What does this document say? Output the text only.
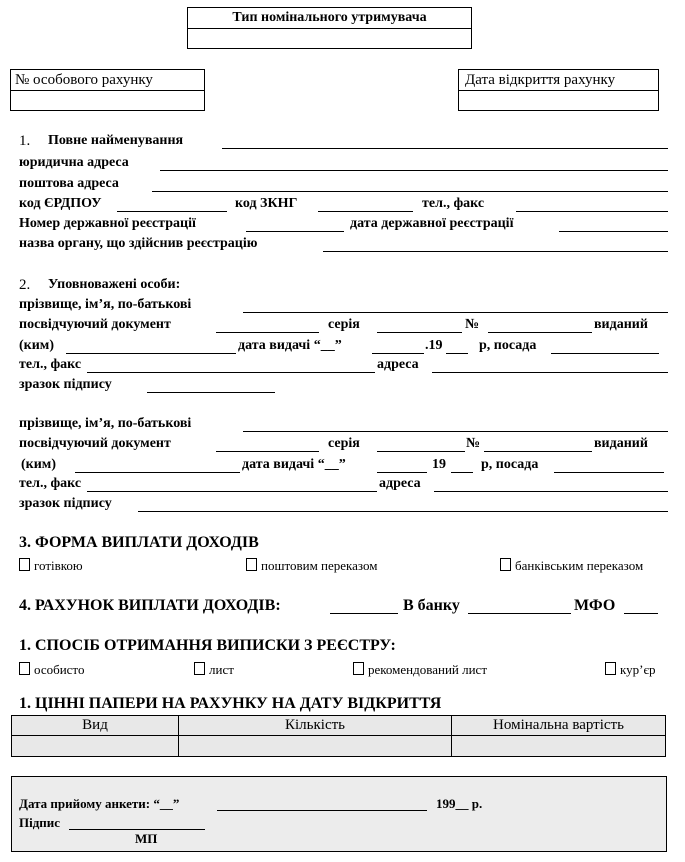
Тип номінального утримувача
№ особового рахунку	Дата відкриття рахунку
1. Повне найменування
юридична адреса
поштова адреса
код ЄРДПОУ	код ЗКНГ	тел., факс
Номер державної реєстрації	дата державної реєстрації
назва органу, що здійснив реєстрацію
2. Уповноважені особи:
прізвище, ім’я, по-батькові
посвідчуючий документ	серія	№	виданий
(ким)	дата видачі “__”	.19	р, посада
тел., факс	адреса
зразок підпису
прізвище, ім’я, по-батькові
посвідчуючий документ	серія	№	виданий
(ким)	дата видачі “__”	19	р, посада
тел., факс	адреса
зразок підпису
3. ФОРМА ВИПЛАТИ ДОХОДІВ
готівкою	поштовим переказом	банківським переказом
4. РАХУНОК ВИПЛАТИ ДОХОДІВ:	В банку	МФО
1. СПОСІБ ОТРИМАННЯ ВИПИСКИ З РЕЄСТРУ:
особисто	лист	рекомендований лист	кур’єр
1. ЦІННІ ПАПЕРИ НА РАХУНКУ НА ДАТУ ВІДКРИТТЯ
Вид	Кількість	Номінальна вартість
Дата прийому анкети: “__”	199__ р.
Підпис
МП
